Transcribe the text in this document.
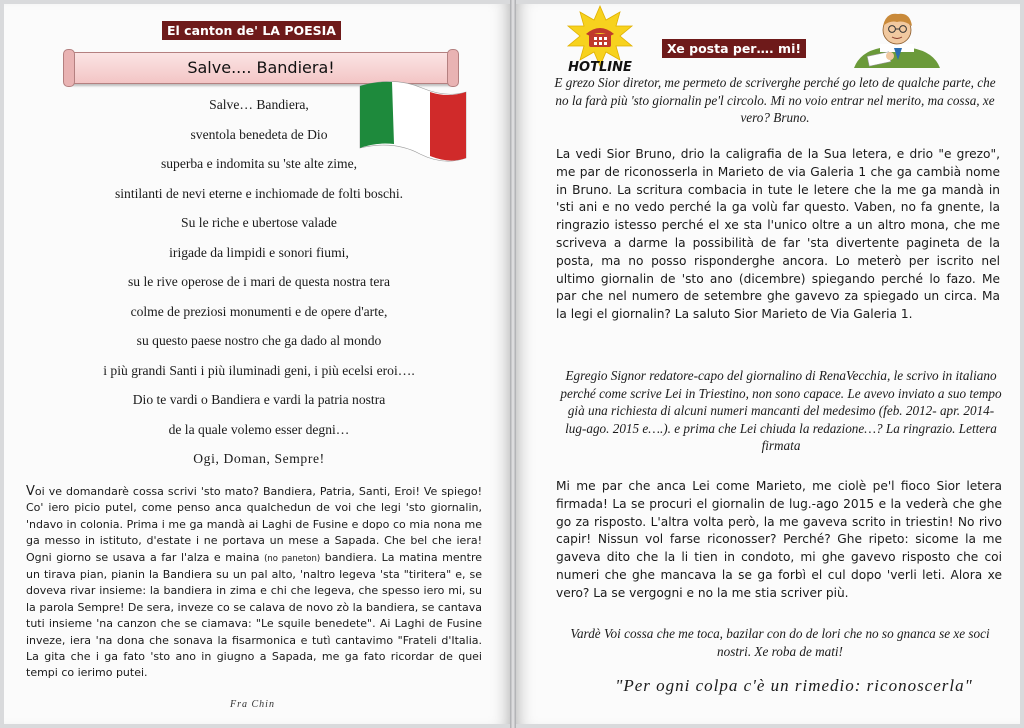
El canton de' LA POESIA
Salve.... Bandiera!
Salve… Bandiera,
sventola benedeta de Dio
superba e indomita su 'ste alte zime,
sintilanti de nevi eterne e inchiomade de folti boschi.
Su le riche e ubertose valade
irigade da limpidi e sonori fiumi,
su le rive operose de i mari de questa nostra tera
colme de preziosi monumenti e de opere d'arte,
su questo paese nostro che ga dado al mondo
i più grandi Santi i più iluminadi geni, i più ecelsi eroi….
Dio te vardi o Bandiera e vardi la patria nostra
de la quale volemo esser degni…
Ogi, Doman, Sempre!

Voi ve domandarè cossa scrivi 'sto mato? Bandiera, Patria, Santi, Eroi! Ve spiego! Co' iero picio putel, come penso anca qualchedun de voi che legi 'sto giornalin, 'ndavo in colonia. Prima i me ga mandà ai Laghi de Fusine e dopo co mia nona me ga messo in istituto, d'estate i ne portava un mese a Sapada. Che bel che iera! Ogni giorno se usava a far l'alza e maina (no paneton) bandiera. La matina mentre un tirava pian, pianin la Bandiera su un pal alto, 'naltro legeva 'sta "tiritera" e, se doveva rivar insieme: la bandiera in zima e chi che legeva, che spesso iero mi, su la parola Sempre! De sera, inveze co se calava de novo zò la bandiera, se cantava tuti insieme 'na canzon che se ciamava: "Le squile benedete". Ai Laghi de Fusine inveze, iera 'na dona che sonava la fisarmonica e tutì cantavimo "Frateli d'Italia. La gita che i ga fato 'sto ano in giugno a Sapada, me ga fato ricordar de quei tempi co ierimo putei.

Fra Chin
HOTLINE
Xe posta per…. mi!

E grezo Sior diretor, me permeto de scriverghe perché go leto de qualche parte, che no la farà più 'sto giornalin pe'l circolo. Mi no voio entrar nel merito, ma cossa, xe vero? Bruno.

La vedi Sior Bruno, drio la caligrafia de la Sua letera, e drio "e grezo", me par de riconosserla in Marieto de via Galeria 1 che ga cambià nome in Bruno. La scritura combacia in tute le letere che la me ga mandà in 'sti ani e no vedo perché la ga volù far questo. Vaben, no fa gnente, la ringrazio istesso perché el xe sta l'unico oltre a un altro mona, che me scriveva a darme la possibilità de far 'sta divertente pagineta de la posta, ma no posso risponderghe ancora. Lo meterò per iscrito nel ultimo giornalin de 'sto ano (dicembre) spiegando perché lo fazo. Me par che nel numero de setembre ghe gavevo za spiegado un circa. Ma la legi el giornalin? La saluto Sior Marieto de Via Galeria 1.

Egregio Signor redatore-capo del giornalino di RenaVecchia, le scrivo in italiano perché come scrive Lei in Triestino, non sono capace. Le avevo inviato a suo tempo già una richiesta di alcuni numeri mancanti del medesimo (feb. 2012- apr. 2014- lug-ago. 2015 e….). e prima che Lei chiuda la redazione…? La ringrazio. Lettera firmata

Mi me par che anca Lei come Marieto, me ciolè pe'l fioco Sior letera firmada! La se procuri el giornalin de lug.-ago 2015 e la vederà che ghe go za risposto. L'altra volta però, la me gaveva scrito in triestin! No rivo capir! Nissun vol farse riconosser? Perché? Ghe ripeto: sicome la me gaveva dito che la li tien in condoto, mi ghe gavevo risposto che coi numeri che ghe mancava la se ga forbì el cul dopo 'verli leti. Alora xe vero? La se vergogni e no la me stia scriver più.

Vardè Voi cossa che me toca, bazilar con do de lori che no so gnanca se xe soci nostri. Xe roba de mati!

"Per ogni colpa c'è un rimedio: riconoscerla"
